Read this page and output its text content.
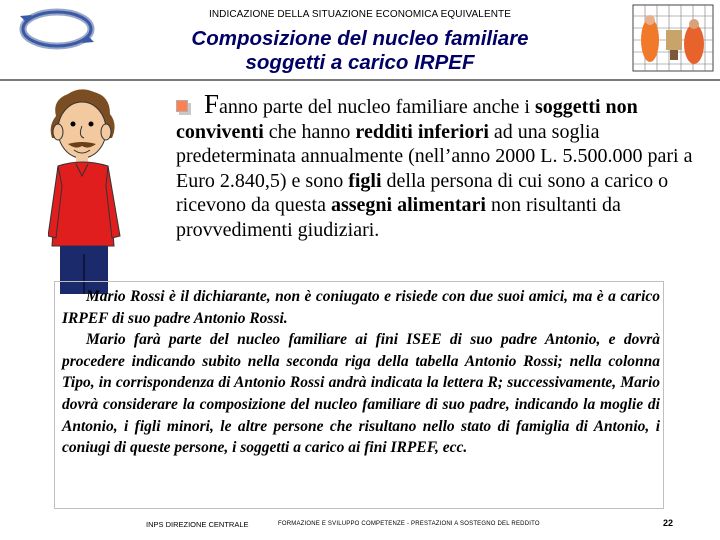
INDICAZIONE DELLA SITUAZIONE ECONOMICA EQUIVALENTE
Composizione del nucleo familiare
soggetti a carico IRPEF

Fanno parte del nucleo familiare anche i soggetti non conviventi che hanno redditi inferiori ad una soglia predeterminata annualmente (nell’anno 2000 L. 5.500.000 pari a Euro 2.840,5) e sono figli della persona di cui sono a carico o ricevono da questa assegni alimentari non risultanti da provvedimenti giudiziari.

Mario Rossi è il dichiarante, non è coniugato e risiede con due suoi amici, ma è a carico IRPEF di suo padre Antonio Rossi.

Mario farà parte del nucleo familiare ai fini ISEE di suo padre Antonio, e dovrà procedere indicando subito nella seconda riga della tabella Antonio Rossi; nella colonna Tipo, in corrispondenza di Antonio Rossi andrà indicata la lettera R; successivamente, Mario dovrà considerare la composizione del nucleo familiare di suo padre, indicando la moglie di Antonio, i figli minori, le altre persone che risultano nello stato di famiglia di Antonio, i coniugi di queste persone, i soggetti a carico ai fini IRPEF, ecc.

INPS DIREZIONE CENTRALE	FORMAZIONE E SVILUPPO COMPETENZE - PRESTAZIONI A SOSTEGNO DEL REDDITO	22
